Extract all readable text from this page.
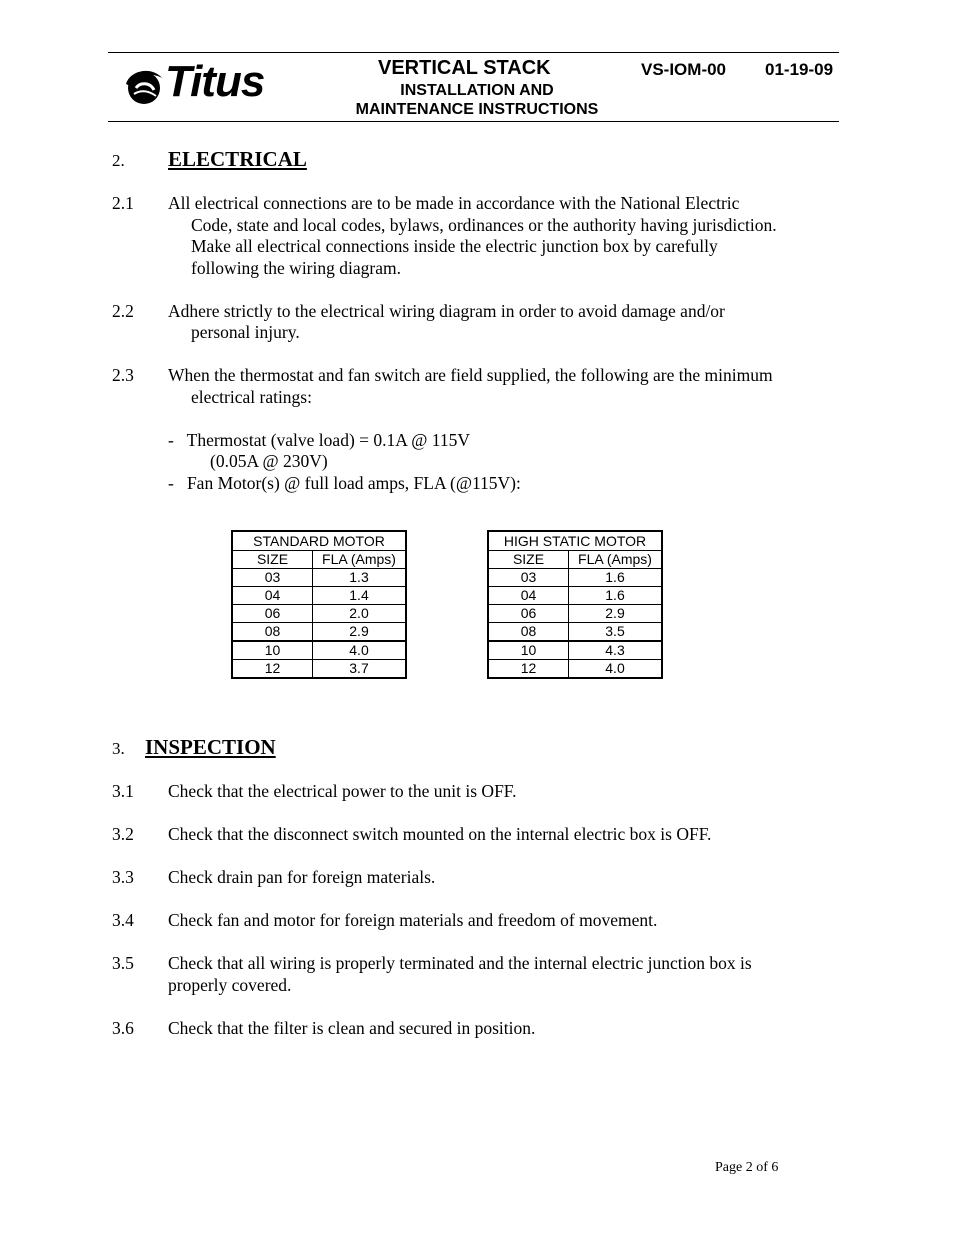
Titus	VERTICAL STACK
INSTALLATION AND
MAINTENANCE INSTRUCTIONS
VS-IOM-00 01-19-09
2. ELECTRICAL
2.1 All electrical connections are to be made in accordance with the National Electric
Code, state and local codes, bylaws, ordinances or the authority having jurisdiction.
Make all electrical connections inside the electric junction box by carefully
following the wiring diagram.
2.2 Adhere strictly to the electrical wiring diagram in order to avoid damage and/or
personal injury.
2.3 When the thermostat and fan switch are field supplied, the following are the minimum
electrical ratings:
-   Thermostat (valve load) = 0.1A @ 115V
(0.05A @ 230V)
-   Fan Motor(s) @ full load amps, FLA (@115V):
STANDARD MOTOR	
SIZE	FLA (Amps)
03	1.3
04	1.4
06	2.0
08	2.9
10	4.0
12	3.7
HIGH STATIC MOTOR	
SIZE	FLA (Amps)
03	1.6
04	1.6
06	2.9
08	3.5
10	4.3
12	4.0
3. INSPECTION
3.1 Check that the electrical power to the unit is OFF.
3.2 Check that the disconnect switch mounted on the internal electric box is OFF.
3.3 Check drain pan for foreign materials.
3.4 Check fan and motor for foreign materials and freedom of movement.
3.5 Check that all wiring is properly terminated and the internal electric junction box is
properly covered.
3.6 Check that the filter is clean and secured in position.
Page 2 of 6
